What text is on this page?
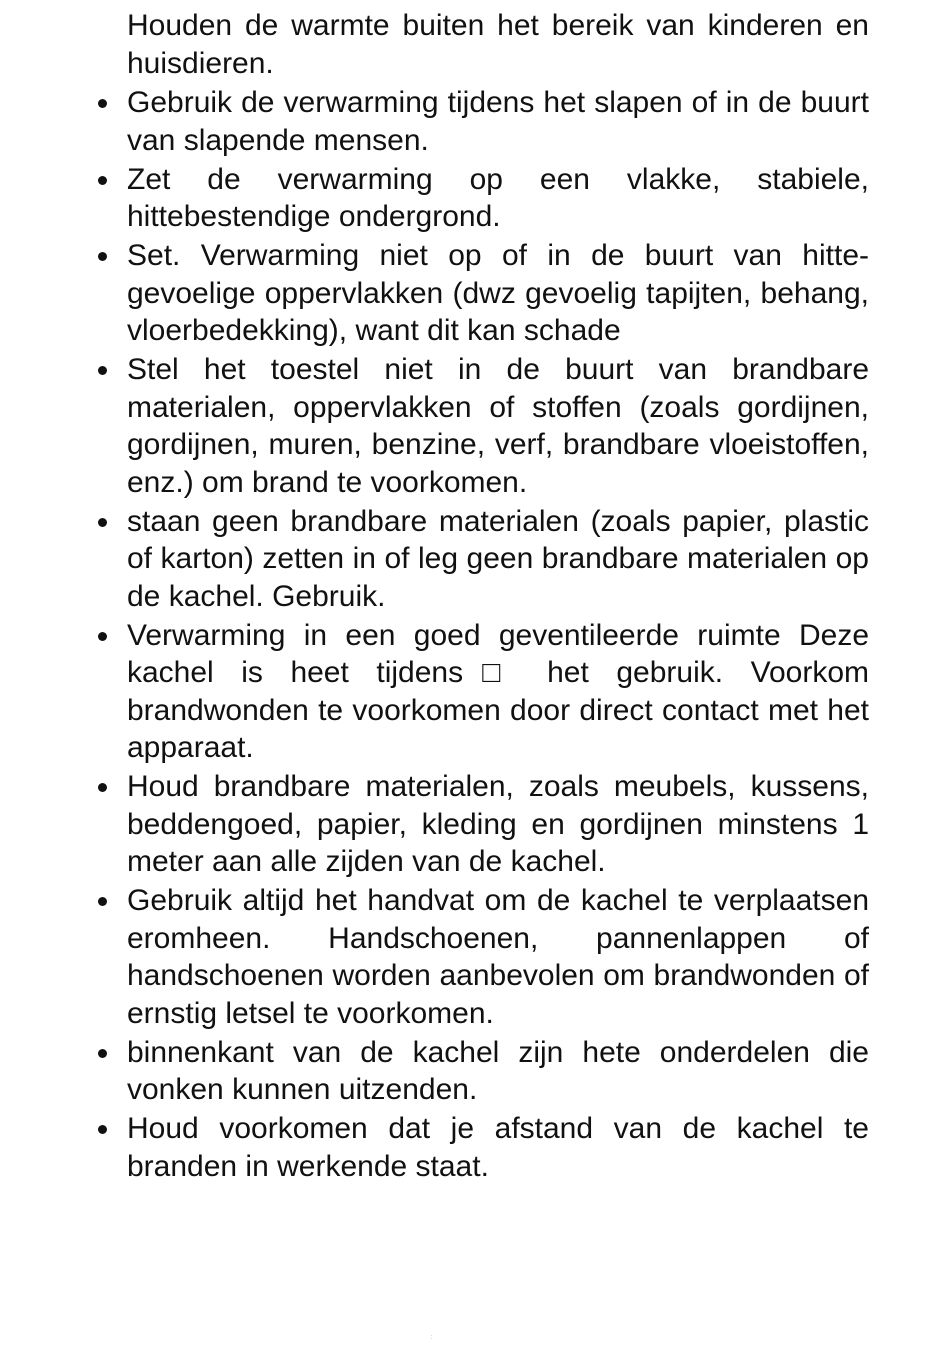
Houden de warmte buiten het bereik van kinderen en huisdieren.

Gebruik de verwarming tijdens het slapen of in de buurt van slapende mensen.
Zet de verwarming op een vlakke, stabiele, hittebestendige ondergrond.
Set. Verwarming niet op of in de buurt van hitte-gevoelige oppervlakken (dwz gevoelig tapijten, behang, vloerbedekking), want dit kan schade
Stel het toestel niet in de buurt van brandbare materialen, oppervlakken of stoffen (zoals gordijnen, gordijnen, muren, benzine, verf, brandbare vloeistoffen, enz.) om brand te voorkomen.
staan geen brandbare materialen (zoals papier, plastic of karton) zetten in of leg geen brandbare materialen op de kachel. Gebruik.
Verwarming in een goed geventileerde ruimte Deze kachel is heet tijdens□ het gebruik. Voorkom brandwonden te voorkomen door direct contact met het apparaat.
Houd brandbare materialen, zoals meubels, kussens, beddengoed, papier, kleding en gordijnen minstens 1 meter aan alle zijden van de kachel.
Gebruik altijd het handvat om de kachel te verplaatsen eromheen. Handschoenen, pannenlappen of handschoenen worden aanbevolen om brandwonden of ernstig letsel te voorkomen.
binnenkant van de kachel zijn hete onderdelen die vonken kunnen uitzenden.
Houd voorkomen dat je afstand van de kachel te branden in werkende staat.
:
